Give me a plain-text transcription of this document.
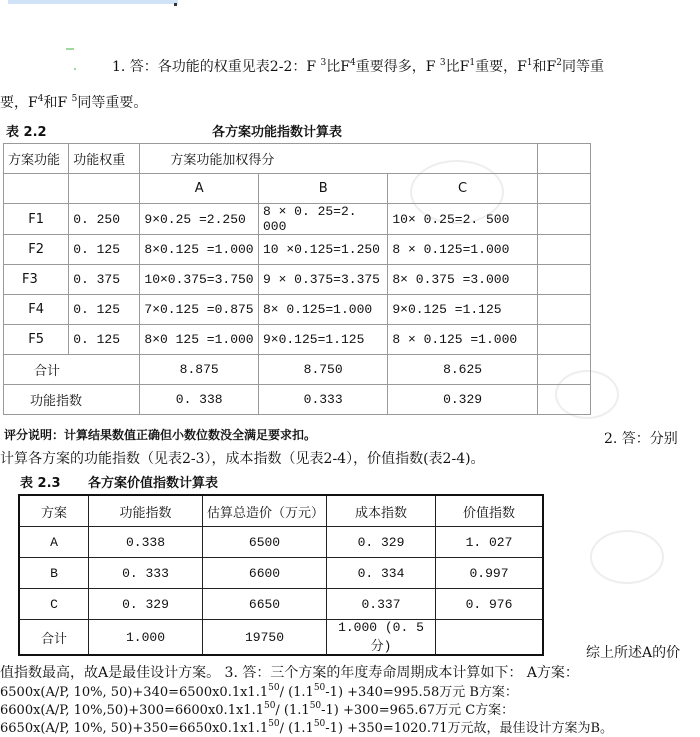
1. 答：各功能的权重见表2-2：F $^3$比$F^4$重要得多，F $^3$比$F^1$重要，$F^1$和$F^2$同等重
要，$F^4$和F $^5$同等重要。
表 2.2	各方案功能指数计算表
方案功能	功能权重	方案功能加权得分			
		A	B	C	
F1	0. 250	9×0.25 =2.250	8 × 0. 25=2. 000	10× 0.25=2. 500	
F2	0. 125	8×0.125 =1.000	10 ×0.125=1.250	8 × 0.125=1.000	
F3	0. 375	10×0.375=3.750	9 × 0.375=3.375	8× 0.375 =3.000	
F4	0. 125	7×0.125 =0.875	8× 0.125=1.000	9×0.125 =1.125	
F5	0. 125	8×0 125 =1.000	9×0.125=1.125	8 × 0.125 =1.000	
合计		8.875	8.750	8.625	
功能指数		0. 338	0.333	0.329	
评分说明：计算结果数值正确但小数位数没全满足要求扣。	2. 答：分别
计算各方案的功能指数（见表2-3），成本指数（见表2-4），价值指数(表2-4)。
表 2.3 各方案价值指数计算表
方案	功能指数	估算总造价（万元）	成本指数	价值指数
A	0.338	6500	0. 329	1. 027
B	0. 333	6600	0. 334	0.997
C	0. 329	6650	0.337	0. 976
合计	1.000	19750	1.000 (0. 5分)		综上所述A的价
值指数最高，故A是最佳设计方案。 3. 答：三个方案的年度寿命周期成本计算如下： A方案：
6500x(A/P, 10%, $50)+340=6500x0.1x1.1^{50}/$ $(1.1^{50}-1) +340=995.58$万元 B方案：
6600x(A/P, $10\%,50)+300=6600x0.1x1.1^{50}/$ $(1.1^{50}-1) +300=965.67$万元 C方案：
6650x(A/P, 10%, $50)+350=6650x0.1x1.1^{50}/$ $(1.1^{50}-1) +350=1020.71$万元故，最佳设计方案为B。
